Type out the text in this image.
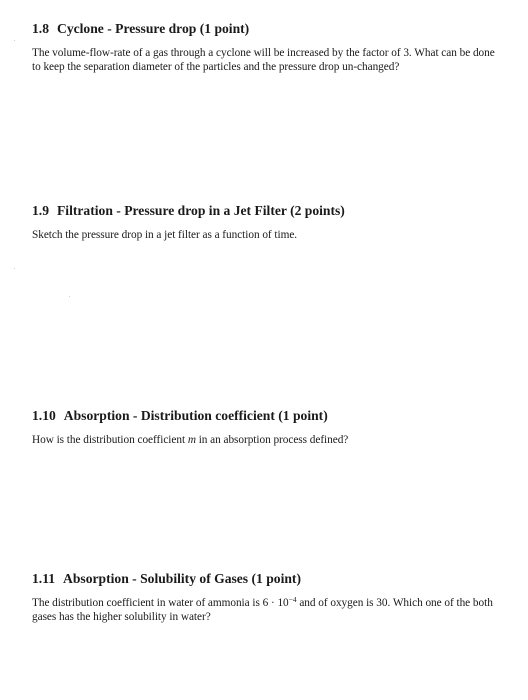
1.8 Cyclone - Pressure drop (1 point)

The volume-flow-rate of a gas through a cyclone will be increased by the factor of 3. What can be done to keep the separation diameter of the particles and the pressure drop un-changed?

1.9 Filtration - Pressure drop in a Jet Filter (2 points)

Sketch the pressure drop in a jet filter as a function of time.

1.10 Absorption - Distribution coefficient (1 point)

How is the distribution coefficient m in an absorption process defined?

1.11 Absorption - Solubility of Gases (1 point)

The distribution coefficient in water of ammonia is $6 \cdot 10^{-4}$ and of oxygen is 30. Which one of the both gases has the higher solubility in water?
